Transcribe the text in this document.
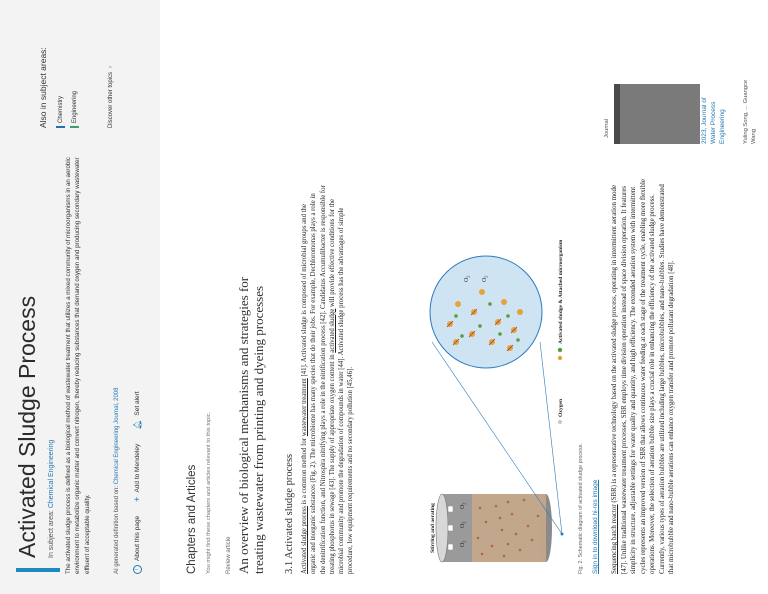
Activated Sludge Process In subject area: Chemical Engineering The activated sludge process is defined as a biological method of wastewater treatment that utilizes a mixed community of microorganisms in an aerobic environment to metabolize organic matter and convert nitrogen, thereby reducing substances that demand oxygen and producing secondary wastewater effluent of acceptable quality.	AI generated definition based on: Chemical Engineering Journal, 2008
i
About this page
+
Add to Mendeley
🔔︎
Set alert
Also in subject areas: Chemistry Engineering	Discover other topics›
Chapters and Articles You might find these chapters and articles relevant to this topic. Review article An overview of biological mechanisms and strategies for treating wastewater from printing and dyeing processes 3.1 Activated sludge process Activated sludge process is a common method for wastewater treatment [41]. Activated sludge is composed of microbial groups and the organic and inorganic substances (Fig. 2). The microbiome has many species that do their jobs. For example, Dechloromonas plays a role in the denitrification function, and Nitrospira nitrifying plays a role in the nitrification process [42]. Candidatus Accumulibacter is responsible for treating phosphorus in sewage [43]. The supply of appropriate oxygen content in activated sludge will provide effective conditions for the microbial community and promote the degradation of compounds in water [44]. Activated sludge process has the advantages of simple procedure, low equipment requirements and no secondary pollution [45,46].	$O_2$
$O_2$
$O_2$
Stirring and aerating
$O_2$
$O_2$
Oxygen
Activated sludge & Attached microorganism
Sign in to download hi-res image
Fig. 2. Schematic diagram of activated sludge process.	Sequencing batch reactor (SBR) is a representative technology based on the activated sludge process, operating in intermittent aeration mode [47]. Unlike traditional wastewater treatment processes, SBR employs time division operation instead of space division operation. It features simplicity in structure, adjustable settings for water quality and quantity, and high efficiency. The extended aeration system with intermittent cycles represents an improved version of SBR that allows continuous water feeding at each stage of the treatment cycle, enabling more flexible operations. Moreover, the selection of aeration bubble size plays a crucial role in enhancing the efficiency of the activated sludge process. Currently, various types of aeration bubbles are utilized including large bubbles, microbubbles, and nano-bubbles. Studies have demonstrated that microbubble and nano-bubble aerations can enhance oxygen transfer and promote pollutant degradation [48].
Journal	2023, Journal of Water Process Engineering	Yuling Song, ... Guangce Wang
